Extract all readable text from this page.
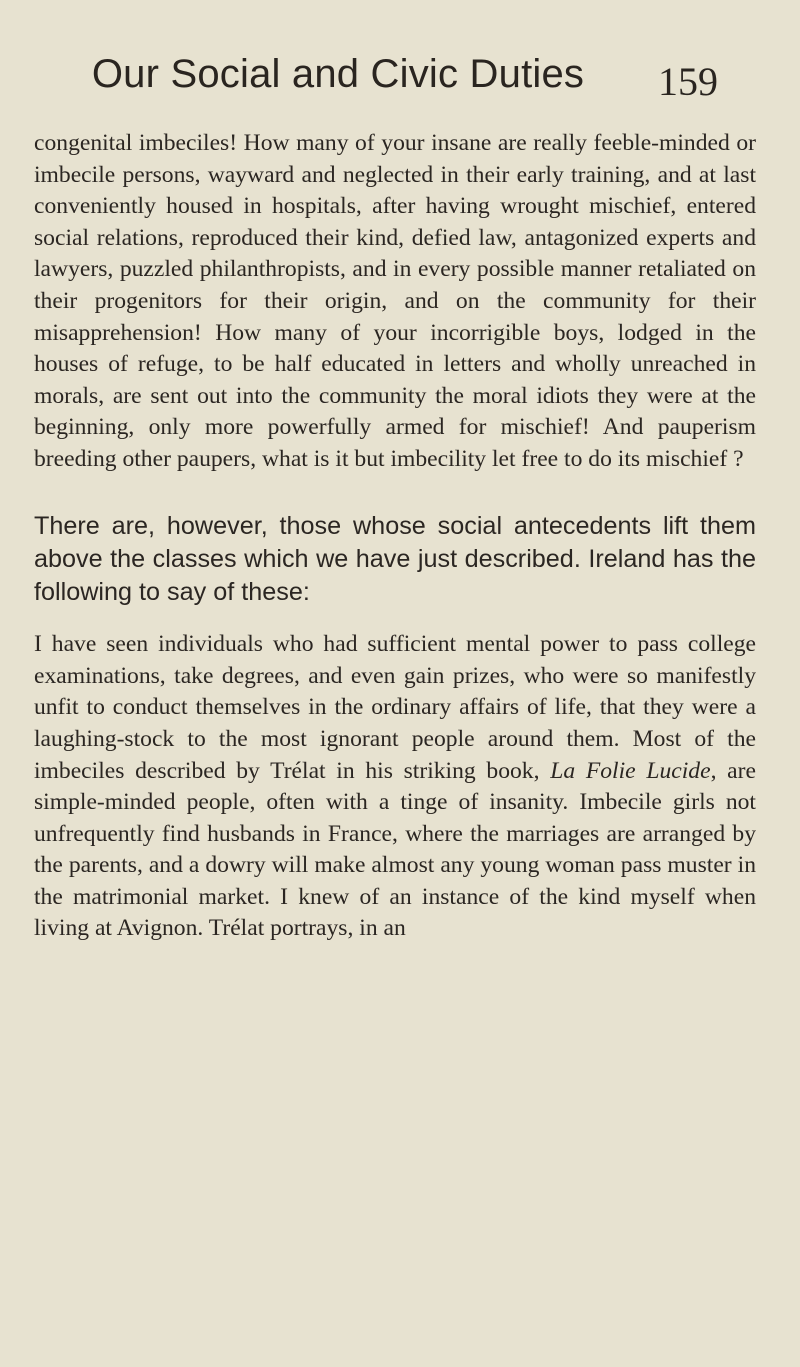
Our Social and Civic Duties	159

congenital imbeciles! How many of your insane are really feeble-minded or imbecile persons, wayward and neglected in their early training, and at last conveniently housed in hospitals, after having wrought mischief, entered social relations, reproduced their kind, defied law, antagonized experts and lawyers, puzzled philanthropists, and in every possible manner retaliated on their progenitors for their origin, and on the community for their misapprehension! How many of your incorrigible boys, lodged in the houses of refuge, to be half educated in letters and wholly unreached in morals, are sent out into the community the moral idiots they were at the beginning, only more powerfully armed for mischief! And pauperism breeding other paupers, what is it but imbecility let free to do its mischief ?

There are, however, those whose social antecedents lift them above the classes which we have just described. Ireland has the following to say of these:

I have seen individuals who had sufficient mental power to pass college examinations, take degrees, and even gain prizes, who were so manifestly unfit to conduct themselves in the ordinary affairs of life, that they were a laughing-stock to the most ignorant people around them. Most of the imbeciles described by Trélat in his striking book, La Folie Lucide, are simple-minded people, often with a tinge of insanity. Imbecile girls not unfrequently find husbands in France, where the marriages are arranged by the parents, and a dowry will make almost any young woman pass muster in the matrimonial market. I knew of an instance of the kind myself when living at Avignon. Trélat portrays, in an
